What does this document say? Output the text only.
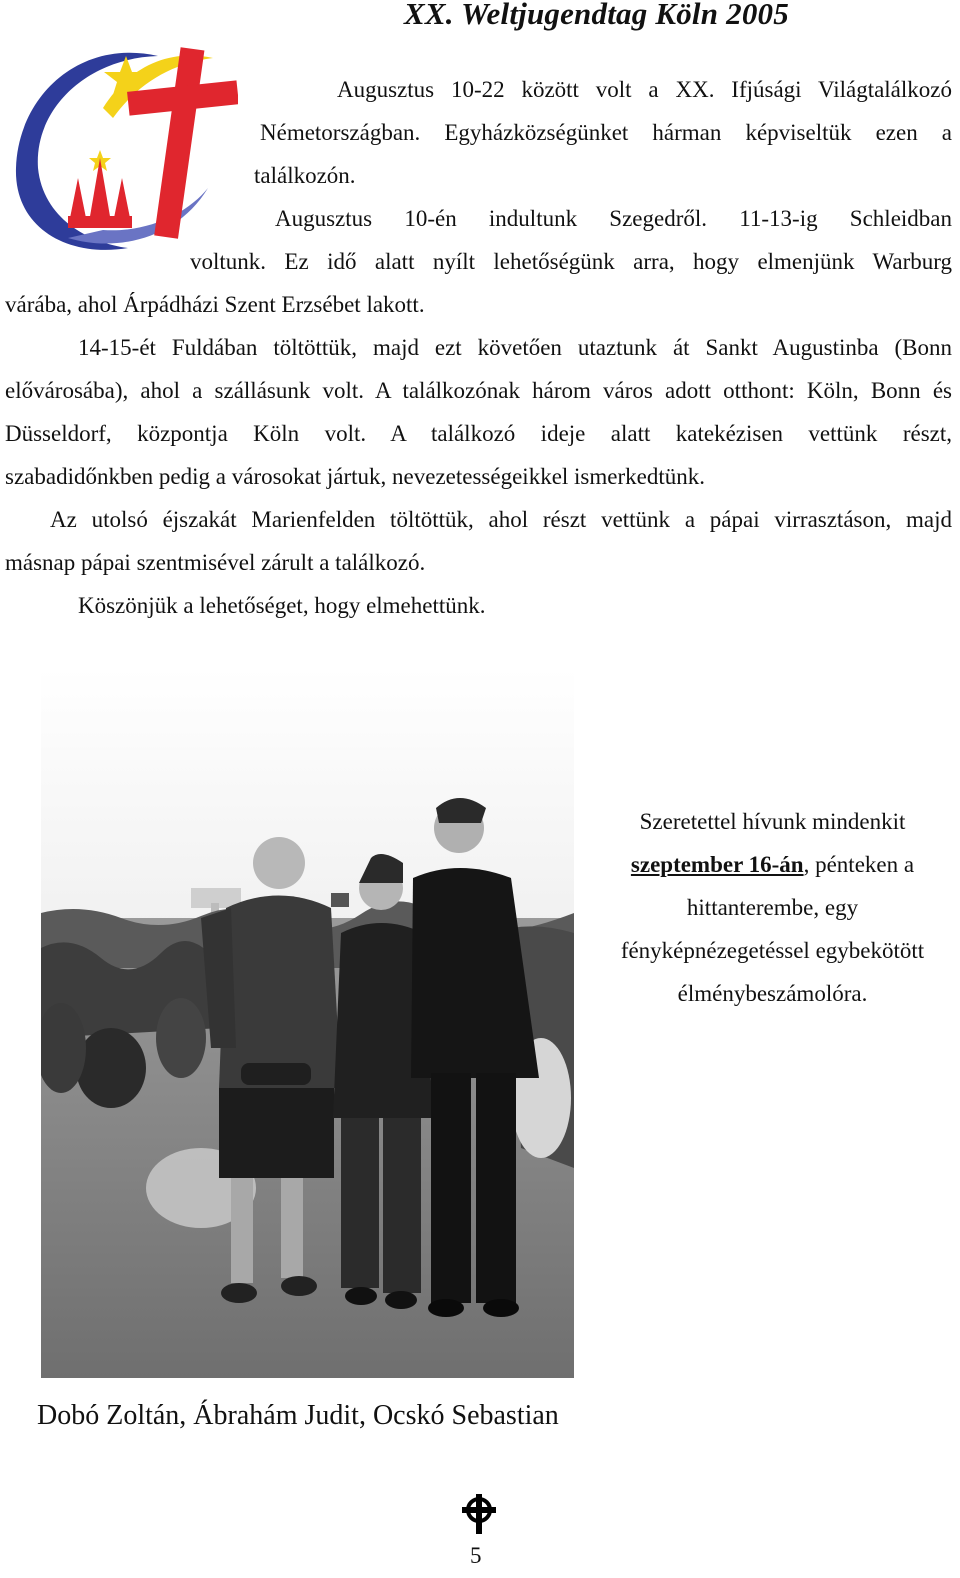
XX. Weltjugendtag Köln 2005
Augusztus 10-22 között volt a XX. Ifjúsági Világtalálkozó
Németországban. Egyházközségünket hárman képviseltük ezen a
találkozón.
Augusztus 10-én indultunk Szegedről. 11-13-ig Schleidban
voltunk. Ez idő alatt nyílt lehetőségünk arra, hogy elmenjünk Warburg
várába, ahol Árpádházi Szent Erzsébet lakott.
14-15-ét Fuldában töltöttük, majd ezt követően utaztunk át Sankt Augustinba (Bonn
elővárosába), ahol a szállásunk volt. A találkozónak három város adott otthont: Köln, Bonn és
Düsseldorf, központja Köln volt. A találkozó ideje alatt katekézisen vettünk részt,
szabadidőnkben pedig a városokat jártuk, nevezetességeikkel ismerkedtünk.
Az utolsó éjszakát Marienfelden töltöttük, ahol részt vettünk a pápai virrasztáson, majd
másnap pápai szentmisével zárult a találkozó.
Köszönjük a lehetőséget, hogy elmehettünk.
Szeretettel hívunk mindenkit
szeptember 16-án, pénteken a
hittanterembe, egy
fényképnézegetéssel egybekötött
élménybeszámolóra.
Dobó Zoltán, Ábrahám Judit, Ocskó Sebastian
5
